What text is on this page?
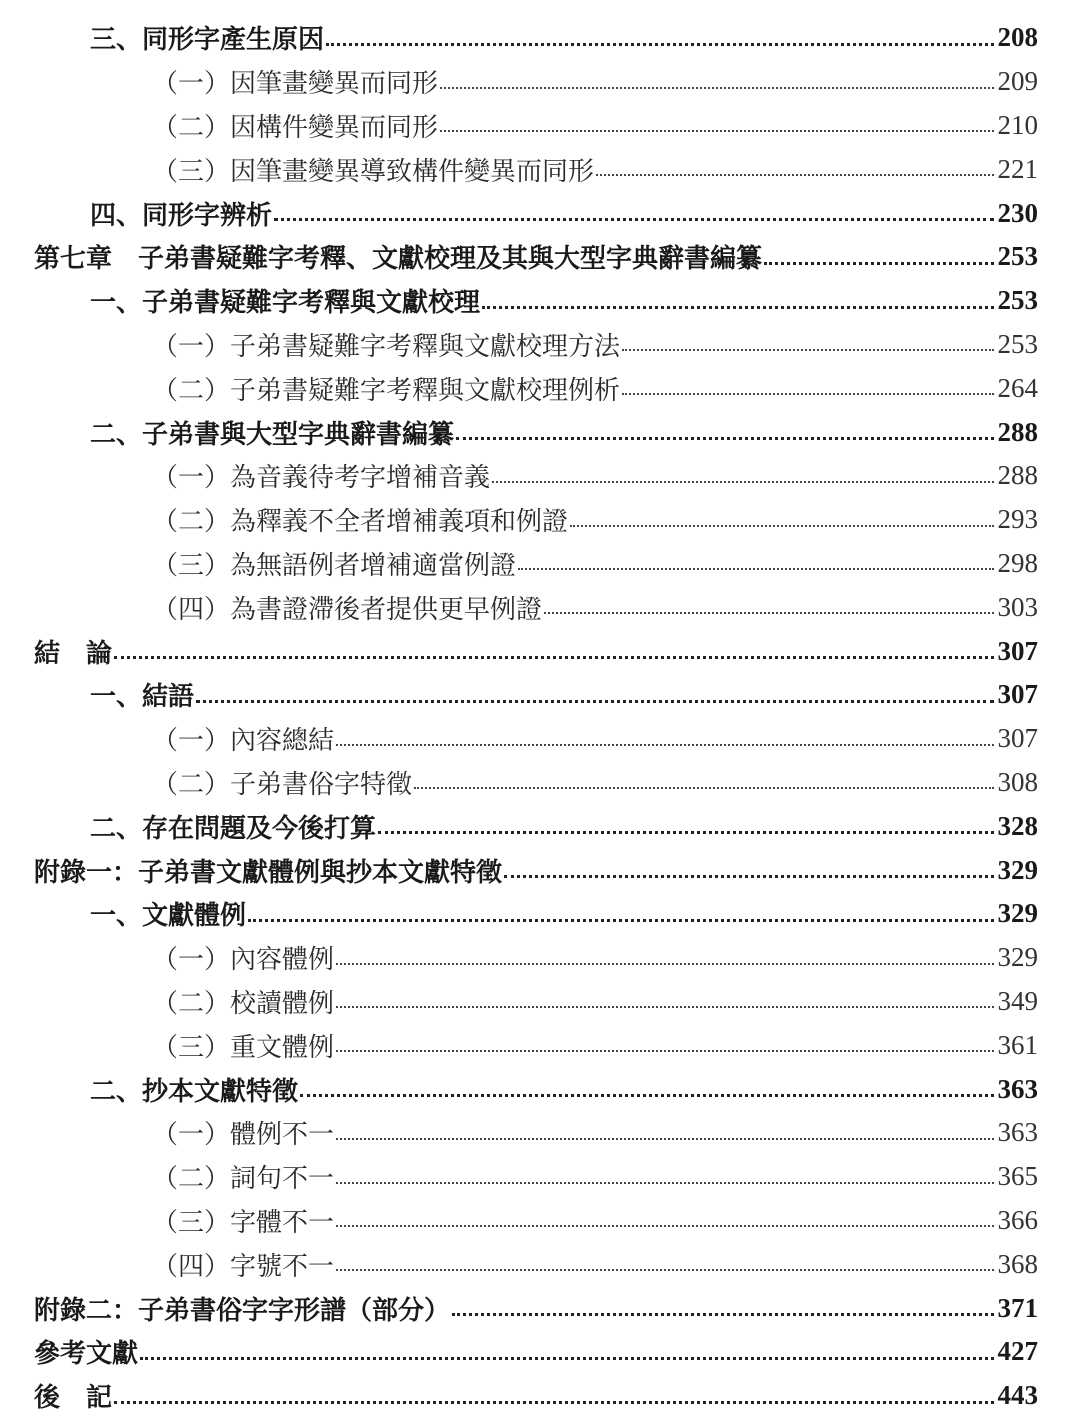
三、同形字產生原因	208
（一）因筆畫變異而同形	209
（二）因構件變異而同形	210
（三）因筆畫變異導致構件變異而同形	221
四、同形字辨析	230
第七章　子弟書疑難字考釋、文獻校理及其與大型字典辭書編纂	253
一、子弟書疑難字考釋與文獻校理	253
（一）子弟書疑難字考釋與文獻校理方法	253
（二）子弟書疑難字考釋與文獻校理例析	264
二、子弟書與大型字典辭書編纂	288
（一）為音義待考字增補音義	288
（二）為釋義不全者增補義項和例證	293
（三）為無語例者增補適當例證	298
（四）為書證滯後者提供更早例證	303
結　論	307
一、結語	307
（一）內容總結	307
（二）子弟書俗字特徵	308
二、存在問題及今後打算	328
附錄一：子弟書文獻體例與抄本文獻特徵	329
一、文獻體例	329
（一）內容體例	329
（二）校讀體例	349
（三）重文體例	361
二、抄本文獻特徵	363
（一）體例不一	363
（二）詞句不一	365
（三）字體不一	366
（四）字號不一	368
附錄二：子弟書俗字字形譜（部分）	371
參考文獻	427
後　記	443
